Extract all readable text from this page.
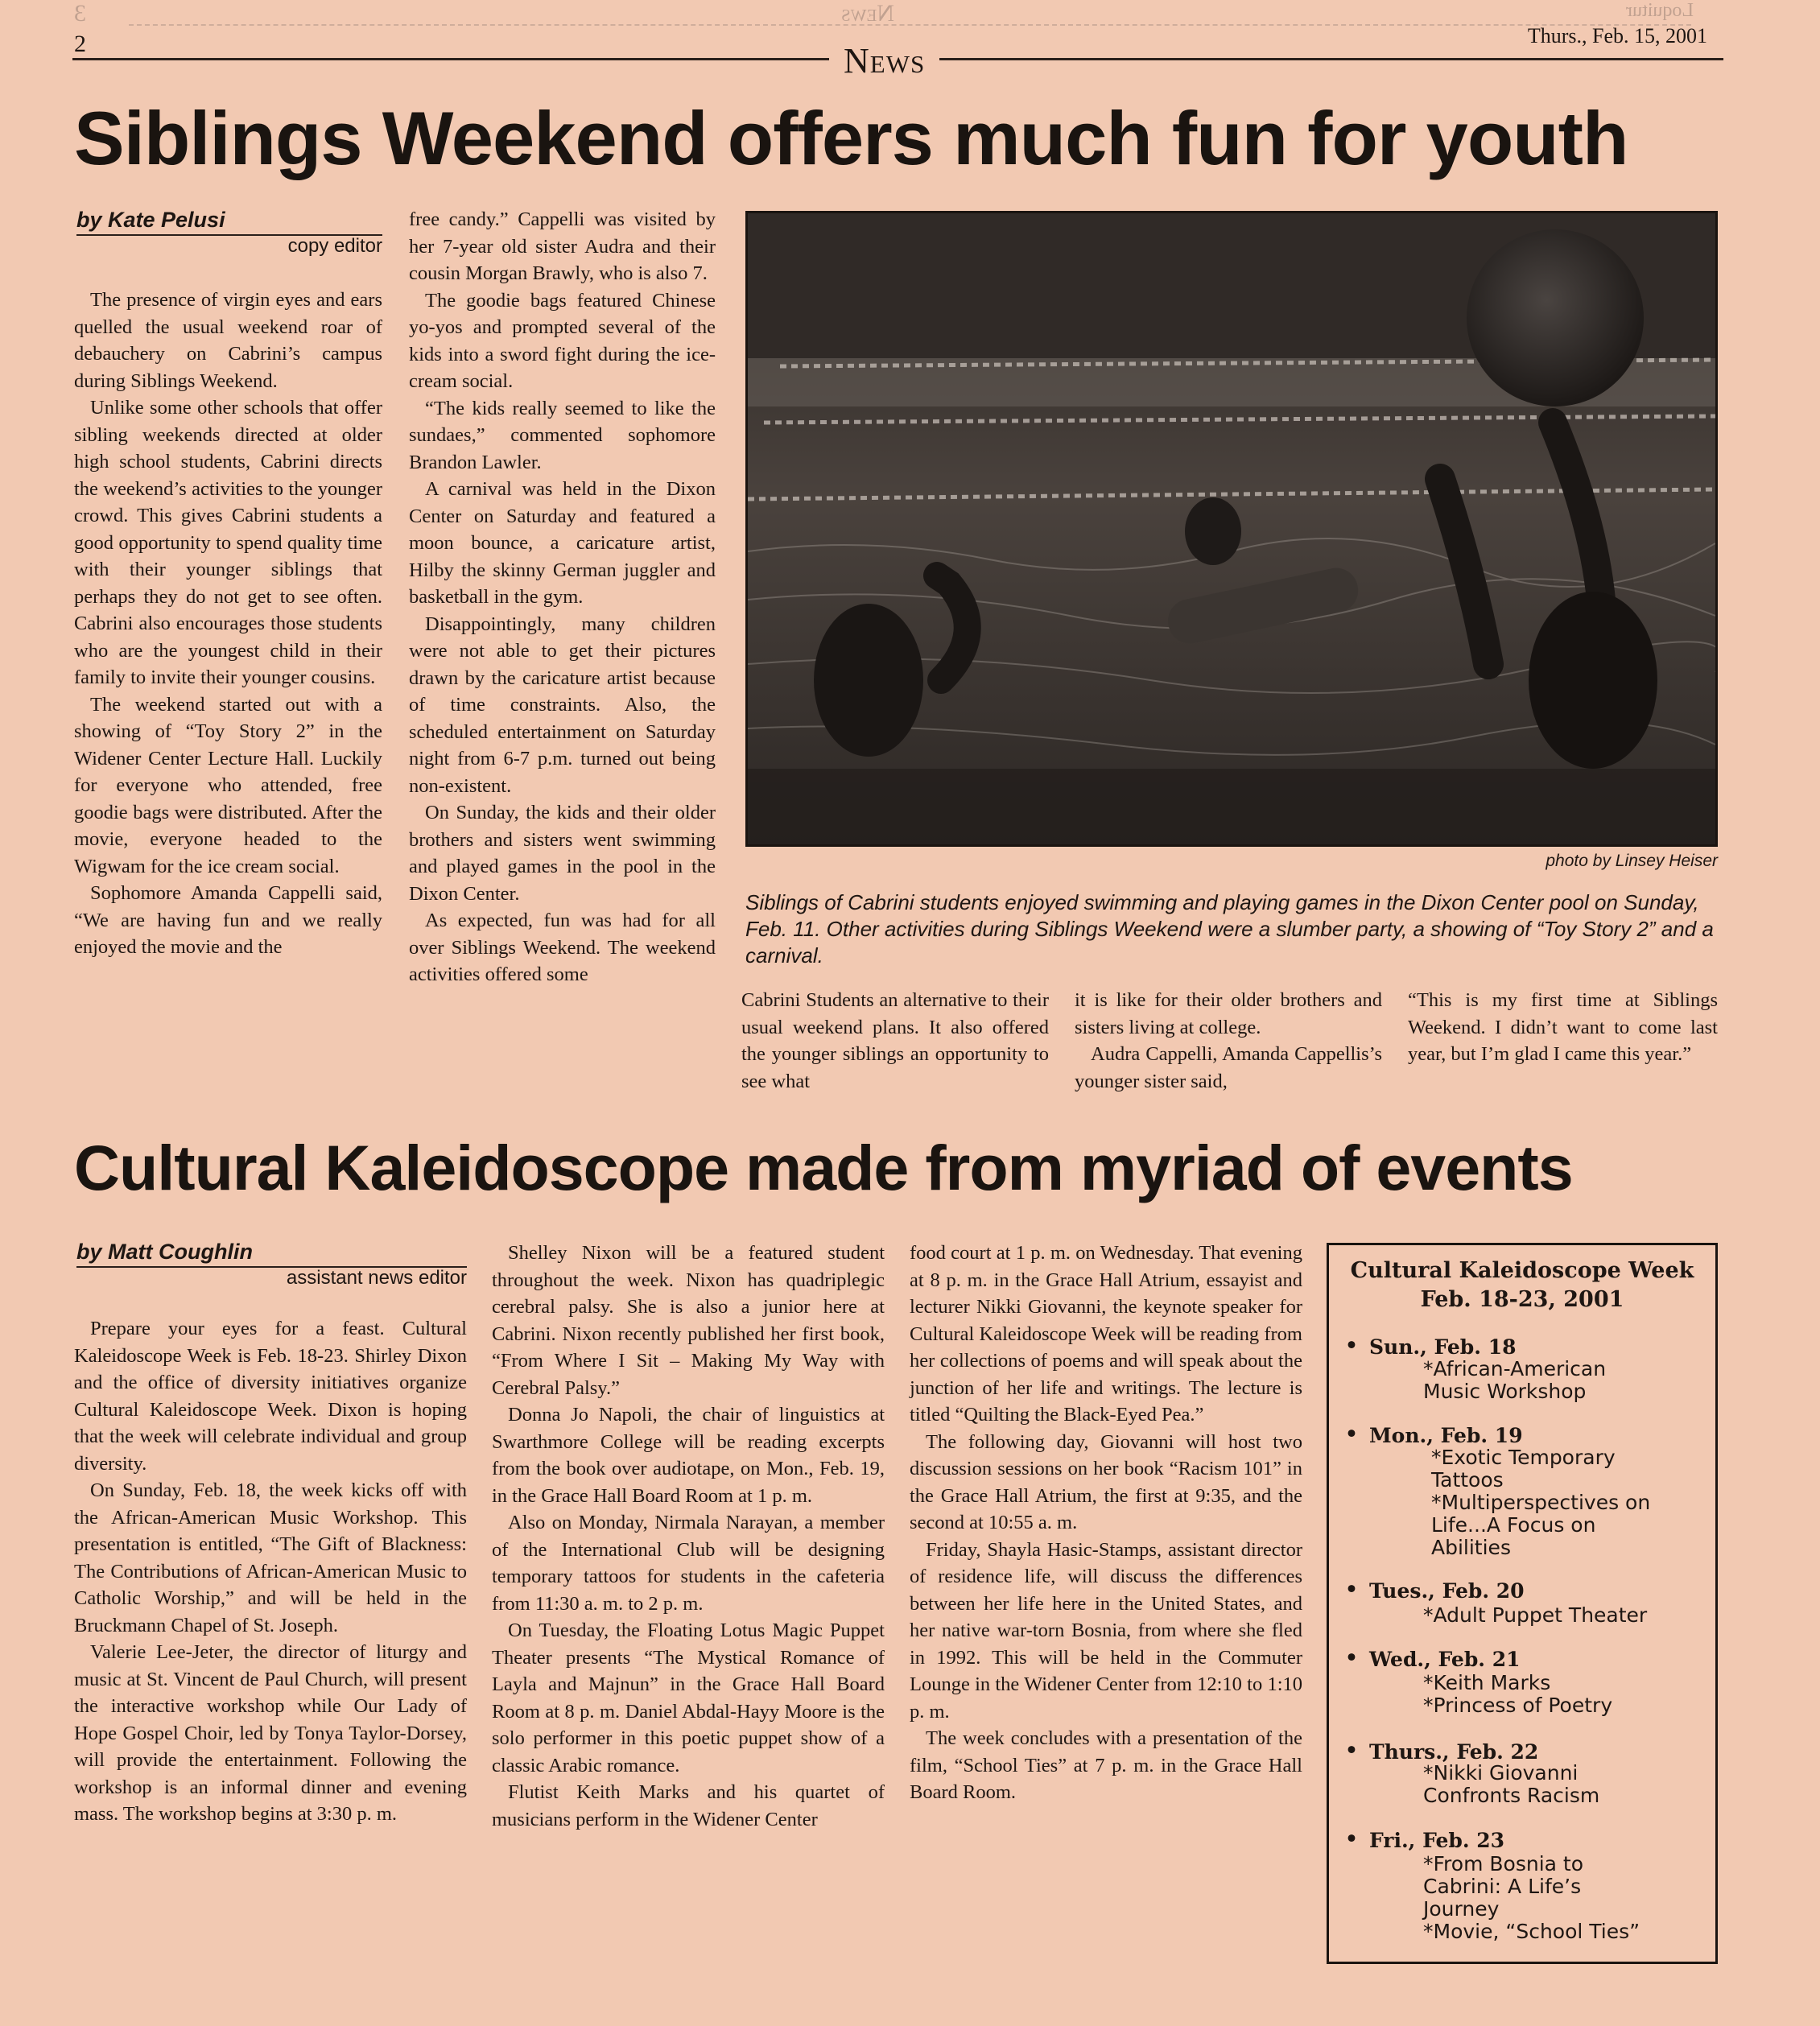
3	News	Loquitur
2	News
Thurs., Feb. 15, 2001
Siblings Weekend offers much fun for youth
by Kate Pelusi
copy editor

The presence of virgin eyes and ears quelled the usual weekend roar of debauchery on Cabrini’s campus during Siblings Weekend.

Unlike some other schools that offer sibling weekends directed at older high school students, Cabrini directs the weekend’s activities to the younger crowd. This gives Cabrini students a good opportunity to spend quality time with their younger siblings that perhaps they do not get to see often. Cabrini also encourages those students who are the youngest child in their family to invite their younger cousins.

The weekend started out with a showing of “Toy Story 2” in the Widener Center Lecture Hall. Luckily for everyone who attended, free goodie bags were distributed. After the movie, everyone headed to the Wigwam for the ice cream social.

Sophomore Amanda Cappelli said, “We are having fun and we really enjoyed the movie and the

free candy.” Cappelli was visited by her 7-year old sister Audra and their cousin Morgan Brawly, who is also 7.

The goodie bags featured Chinese yo-yos and prompted several of the kids into a sword fight during the ice-cream social.

“The kids really seemed to like the sundaes,” commented sophomore Brandon Lawler.

A carnival was held in the Dixon Center on Saturday and featured a moon bounce, a caricature artist, Hilby the skinny German juggler and basketball in the gym.

Disappointingly, many children were not able to get their pictures drawn by the caricature artist because of time constraints. Also, the scheduled entertainment on Saturday night from 6-7 p.m. turned out being non-existent.

On Sunday, the kids and their older brothers and sisters went swimming and played games in the pool in the Dixon Center.

As expected, fun was had for all over Siblings Weekend. The weekend activities offered some

photo by Linsey Heiser
Siblings of Cabrini students enjoyed swimming and playing games in the Dixon Center pool on Sunday, Feb. 11. Other activities during Siblings Weekend were a slumber party, a showing of “Toy Story 2” and a carnival.

Cabrini Students an alternative to their usual weekend plans. It also offered the younger siblings an opportunity to see what

it is like for their older brothers and sisters living at college.

Audra Cappelli, Amanda Cappellis’s younger sister said,

“This is my first time at Siblings Weekend. I didn’t want to come last year, but I’m glad I came this year.”

Cultural Kaleidoscope made from myriad of events
by Matt Coughlin
assistant news editor

Prepare your eyes for a feast. Cultural Kaleidoscope Week is Feb. 18-23. Shirley Dixon and the office of diversity initiatives organize Cultural Kaleidoscope Week. Dixon is hoping that the week will celebrate individual and group diversity.

On Sunday, Feb. 18, the week kicks off with the African-American Music Workshop. This presentation is entitled, “The Gift of Blackness: The Contributions of African-American Music to Catholic Worship,” and will be held in the Bruckmann Chapel of St. Joseph.

Valerie Lee-Jeter, the director of liturgy and music at St. Vincent de Paul Church, will present the interactive workshop while Our Lady of Hope Gospel Choir, led by Tonya Taylor-Dorsey, will provide the entertainment. Following the workshop is an informal dinner and evening mass. The workshop begins at 3:30 p. m.

Shelley Nixon will be a featured student throughout the week. Nixon has quadriplegic cerebral palsy. She is also a junior here at Cabrini. Nixon recently published her first book, “From Where I Sit – Making My Way with Cerebral Palsy.”

Donna Jo Napoli, the chair of linguistics at Swarthmore College will be reading excerpts from the book over audiotape, on Mon., Feb. 19, in the Grace Hall Board Room at 1 p. m.

Also on Monday, Nirmala Narayan, a member of the International Club will be designing temporary tattoos for students in the cafeteria from 11:30 a. m. to 2 p. m.

On Tuesday, the Floating Lotus Magic Puppet Theater presents “The Mystical Romance of Layla and Majnun” in the Grace Hall Board Room at 8 p. m. Daniel Abdal-Hayy Moore is the solo performer in this poetic puppet show of a classic Arabic romance.

Flutist Keith Marks and his quartet of musicians perform in the Widener Center

food court at 1 p. m. on Wednesday. That evening at 8 p. m. in the Grace Hall Atrium, essayist and lecturer Nikki Giovanni, the keynote speaker for Cultural Kaleidoscope Week will be reading from her collections of poems and will speak about the junction of her life and writings. The lecture is titled “Quilting the Black-Eyed Pea.”

The following day, Giovanni will host two discussion sessions on her book “Racism 101” in the Grace Hall Atrium, the first at 9:35, and the second at 10:55 a. m.

Friday, Shayla Hasic-Stamps, assistant director of residence life, will discuss the differences between her life here in the United States, and her native war-torn Bosnia, from where she fled in 1992. This will be held in the Commuter Lounge in the Widener Center from 12:10 to 1:10 p. m.

The week concludes with a presentation of the film, “School Ties” at 7 p. m. in the Grace Hall Board Room.

Cultural Kaleidoscope Week
Feb. 18-23, 2001
• Sun., Feb. 18
*African-American
Music Workshop
• Mon., Feb. 19
*Exotic Temporary
Tattoos
*Multiperspectives on
Life...A Focus on
Abilities
• Tues., Feb. 20
*Adult Puppet Theater
• Wed., Feb. 21
*Keith Marks
*Princess of Poetry
• Thurs., Feb. 22
*Nikki Giovanni
Confronts Racism
• Fri., Feb. 23
*From Bosnia to
Cabrini: A Life’s
Journey
*Movie, “School Ties”
